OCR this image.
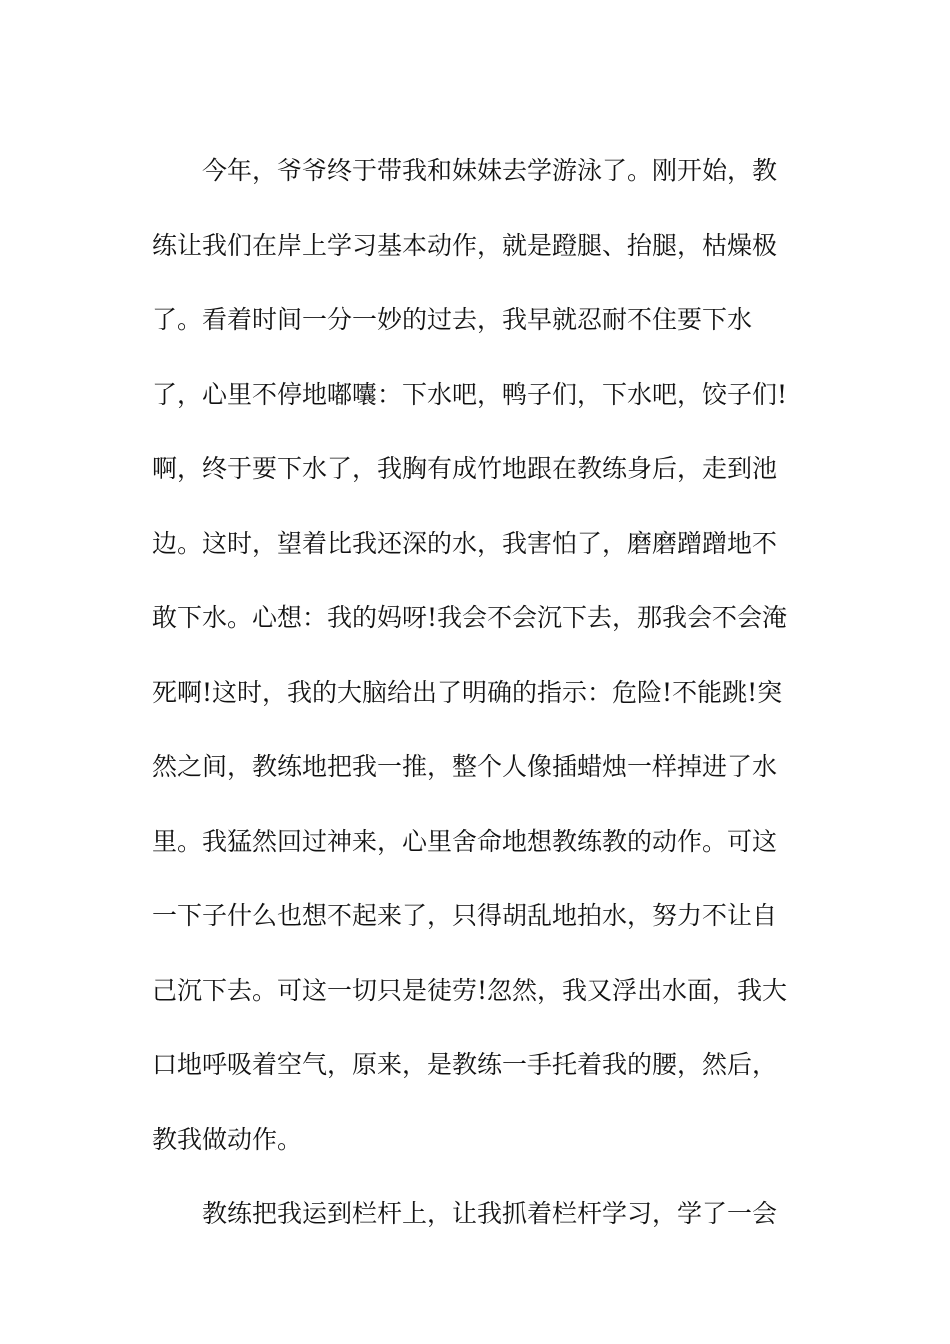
今年，爷爷终于带我和妹妹去学游泳了。刚开始，教
练让我们在岸上学习基本动作，就是蹬腿、抬腿，枯燥极
了。看着时间一分一妙的过去，我早就忍耐不住要下水
了，心里不停地嘟囔：下水吧，鸭子们，下水吧，饺子们!
啊，终于要下水了，我胸有成竹地跟在教练身后，走到池
边。这时，望着比我还深的水，我害怕了，磨磨蹭蹭地不
敢下水。心想：我的妈呀!我会不会沉下去，那我会不会淹
死啊!这时，我的大脑给出了明确的指示：危险!不能跳!突
然之间，教练地把我一推，整个人像插蜡烛一样掉进了水
里。我猛然回过神来，心里舍命地想教练教的动作。可这
一下子什么也想不起来了，只得胡乱地拍水，努力不让自
己沉下去。可这一切只是徒劳!忽然，我又浮出水面，我大
口地呼吸着空气，原来，是教练一手托着我的腰，然后，
教我做动作。
教练把我运到栏杆上，让我抓着栏杆学习，学了一会
